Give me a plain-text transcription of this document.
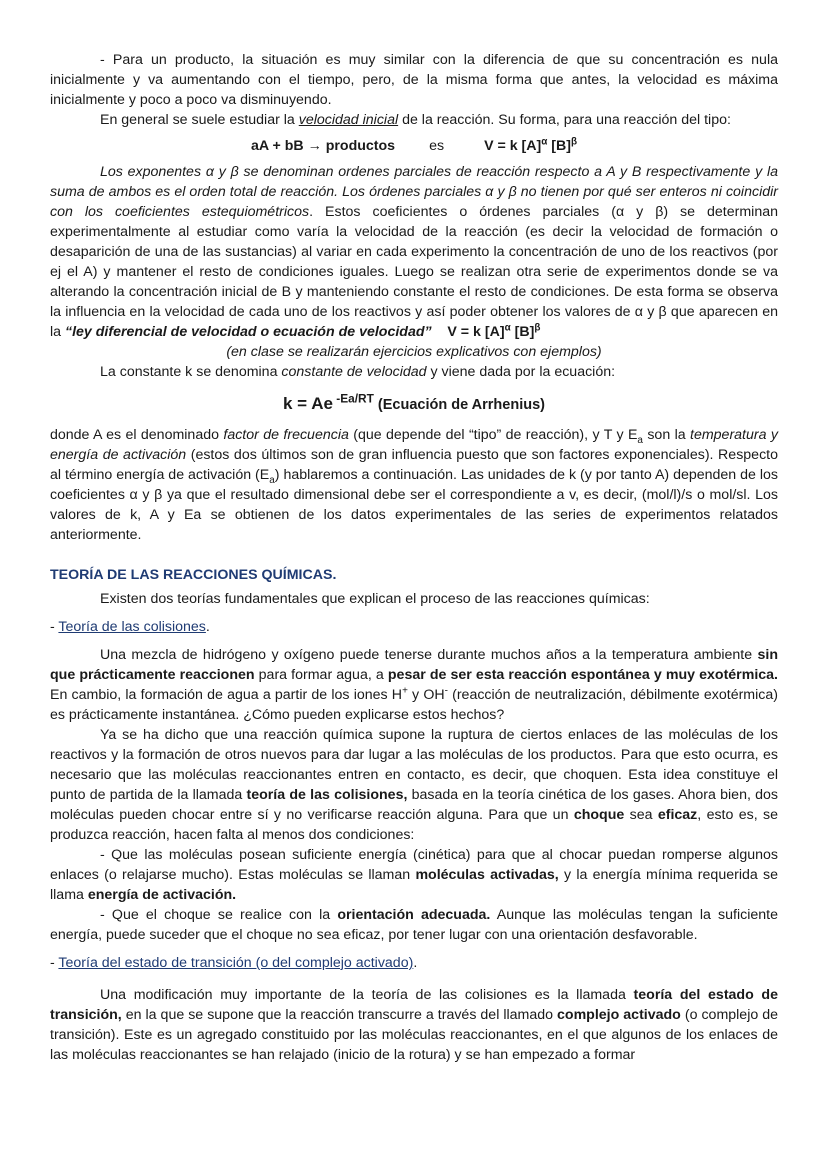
- Para un producto, la situación es muy similar con la diferencia de que su concentración es nula inicialmente y va aumentando con el tiempo, pero, de la misma forma que antes, la velocidad es máxima inicialmente y poco a poco va disminuyendo.

En general se suele estudiar la velocidad inicial de la reacción. Su forma, para una reacción del tipo:

aA + bB → productos es	V = k $[A]^\alpha$ $[B]^\beta$

Los exponentes α y β se denominan ordenes parciales de reacción respecto a A y B respectivamente y la suma de ambos es el orden total de reacción. Los órdenes parciales α y β no tienen por qué ser enteros ni coincidir con los coeficientes estequiométricos. Estos coeficientes o órdenes parciales (α y β) se determinan experimentalmente al estudiar como varía la velocidad de la reacción (es decir la velocidad de formación o desaparición de una de las sustancias) al variar en cada experimento la concentración de uno de los reactivos (por ej el A) y mantener el resto de condiciones iguales. Luego se realizan otra serie de experimentos donde se va alterando la concentración inicial de B y manteniendo constante el resto de condiciones. De esta forma se observa la influencia en la velocidad de cada uno de los reactivos y así poder obtener los valores de α y β que aparecen en la “ley diferencial de velocidad o ecuación de velocidad” V = k $[A]^\alpha$ $[B]^\beta$

(en clase se realizarán ejercicios explicativos con ejemplos)

La constante k se denomina constante de velocidad y viene dada por la ecuación:

k = Ae $^{-Ea/RT}$ (Ecuación de Arrhenius)

donde A es el denominado factor de frecuencia (que depende del “tipo” de reacción), y T y $E_a$ son la temperatura y energía de activación (estos dos últimos son de gran influencia puesto que son factores exponenciales). Respecto al término energía de activación $(E_a)$ hablaremos a continuación. Las unidades de k (y por tanto A) dependen de los coeficientes α y β ya que el resultado dimensional debe ser el correspondiente a v, es decir, (mol/l)/s o mol/sl. Los valores de k, A y Ea se obtienen de los datos experimentales de las series de experimentos relatados anteriormente.

TEORÍA DE LAS REACCIONES QUÍMICAS.

Existen dos teorías fundamentales que explican el proceso de las reacciones químicas:

- Teoría de las colisiones.

Una mezcla de hidrógeno y oxígeno puede tenerse durante muchos años a la temperatura ambiente sin que prácticamente reaccionen para formar agua, a pesar de ser esta reacción espontánea y muy exotérmica. En cambio, la formación de agua a partir de los iones H+ y OH- (reacción de neutralización, débilmente exotérmica) es prácticamente instantánea. ¿Cómo pueden explicarse estos hechos?

Ya se ha dicho que una reacción química supone la ruptura de ciertos enlaces de las moléculas de los reactivos y la formación de otros nuevos para dar lugar a las moléculas de los productos. Para que esto ocurra, es necesario que las moléculas reaccionantes entren en contacto, es decir, que choquen. Esta idea constituye el punto de partida de la llamada teoría de las colisiones, basada en la teoría cinética de los gases. Ahora bien, dos moléculas pueden chocar entre sí y no verificarse reacción alguna. Para que un choque sea eficaz, esto es, se produzca reacción, hacen falta al menos dos condiciones:

- Que las moléculas posean suficiente energía (cinética) para que al chocar puedan romperse algunos enlaces (o relajarse mucho). Estas moléculas se llaman moléculas activadas, y la energía mínima requerida se llama energía de activación.

- Que el choque se realice con la orientación adecuada. Aunque las moléculas tengan la suficiente energía, puede suceder que el choque no sea eficaz, por tener lugar con una orientación desfavorable.

- Teoría del estado de transición (o del complejo activado).

Una modificación muy importante de la teoría de las colisiones es la llamada teoría del estado de transición, en la que se supone que la reacción transcurre a través del llamado complejo activado (o complejo de transición). Este es un agregado constituido por las moléculas reaccionantes, en el que algunos de los enlaces de las moléculas reaccionantes se han relajado (inicio de la rotura) y se han empezado a formar
